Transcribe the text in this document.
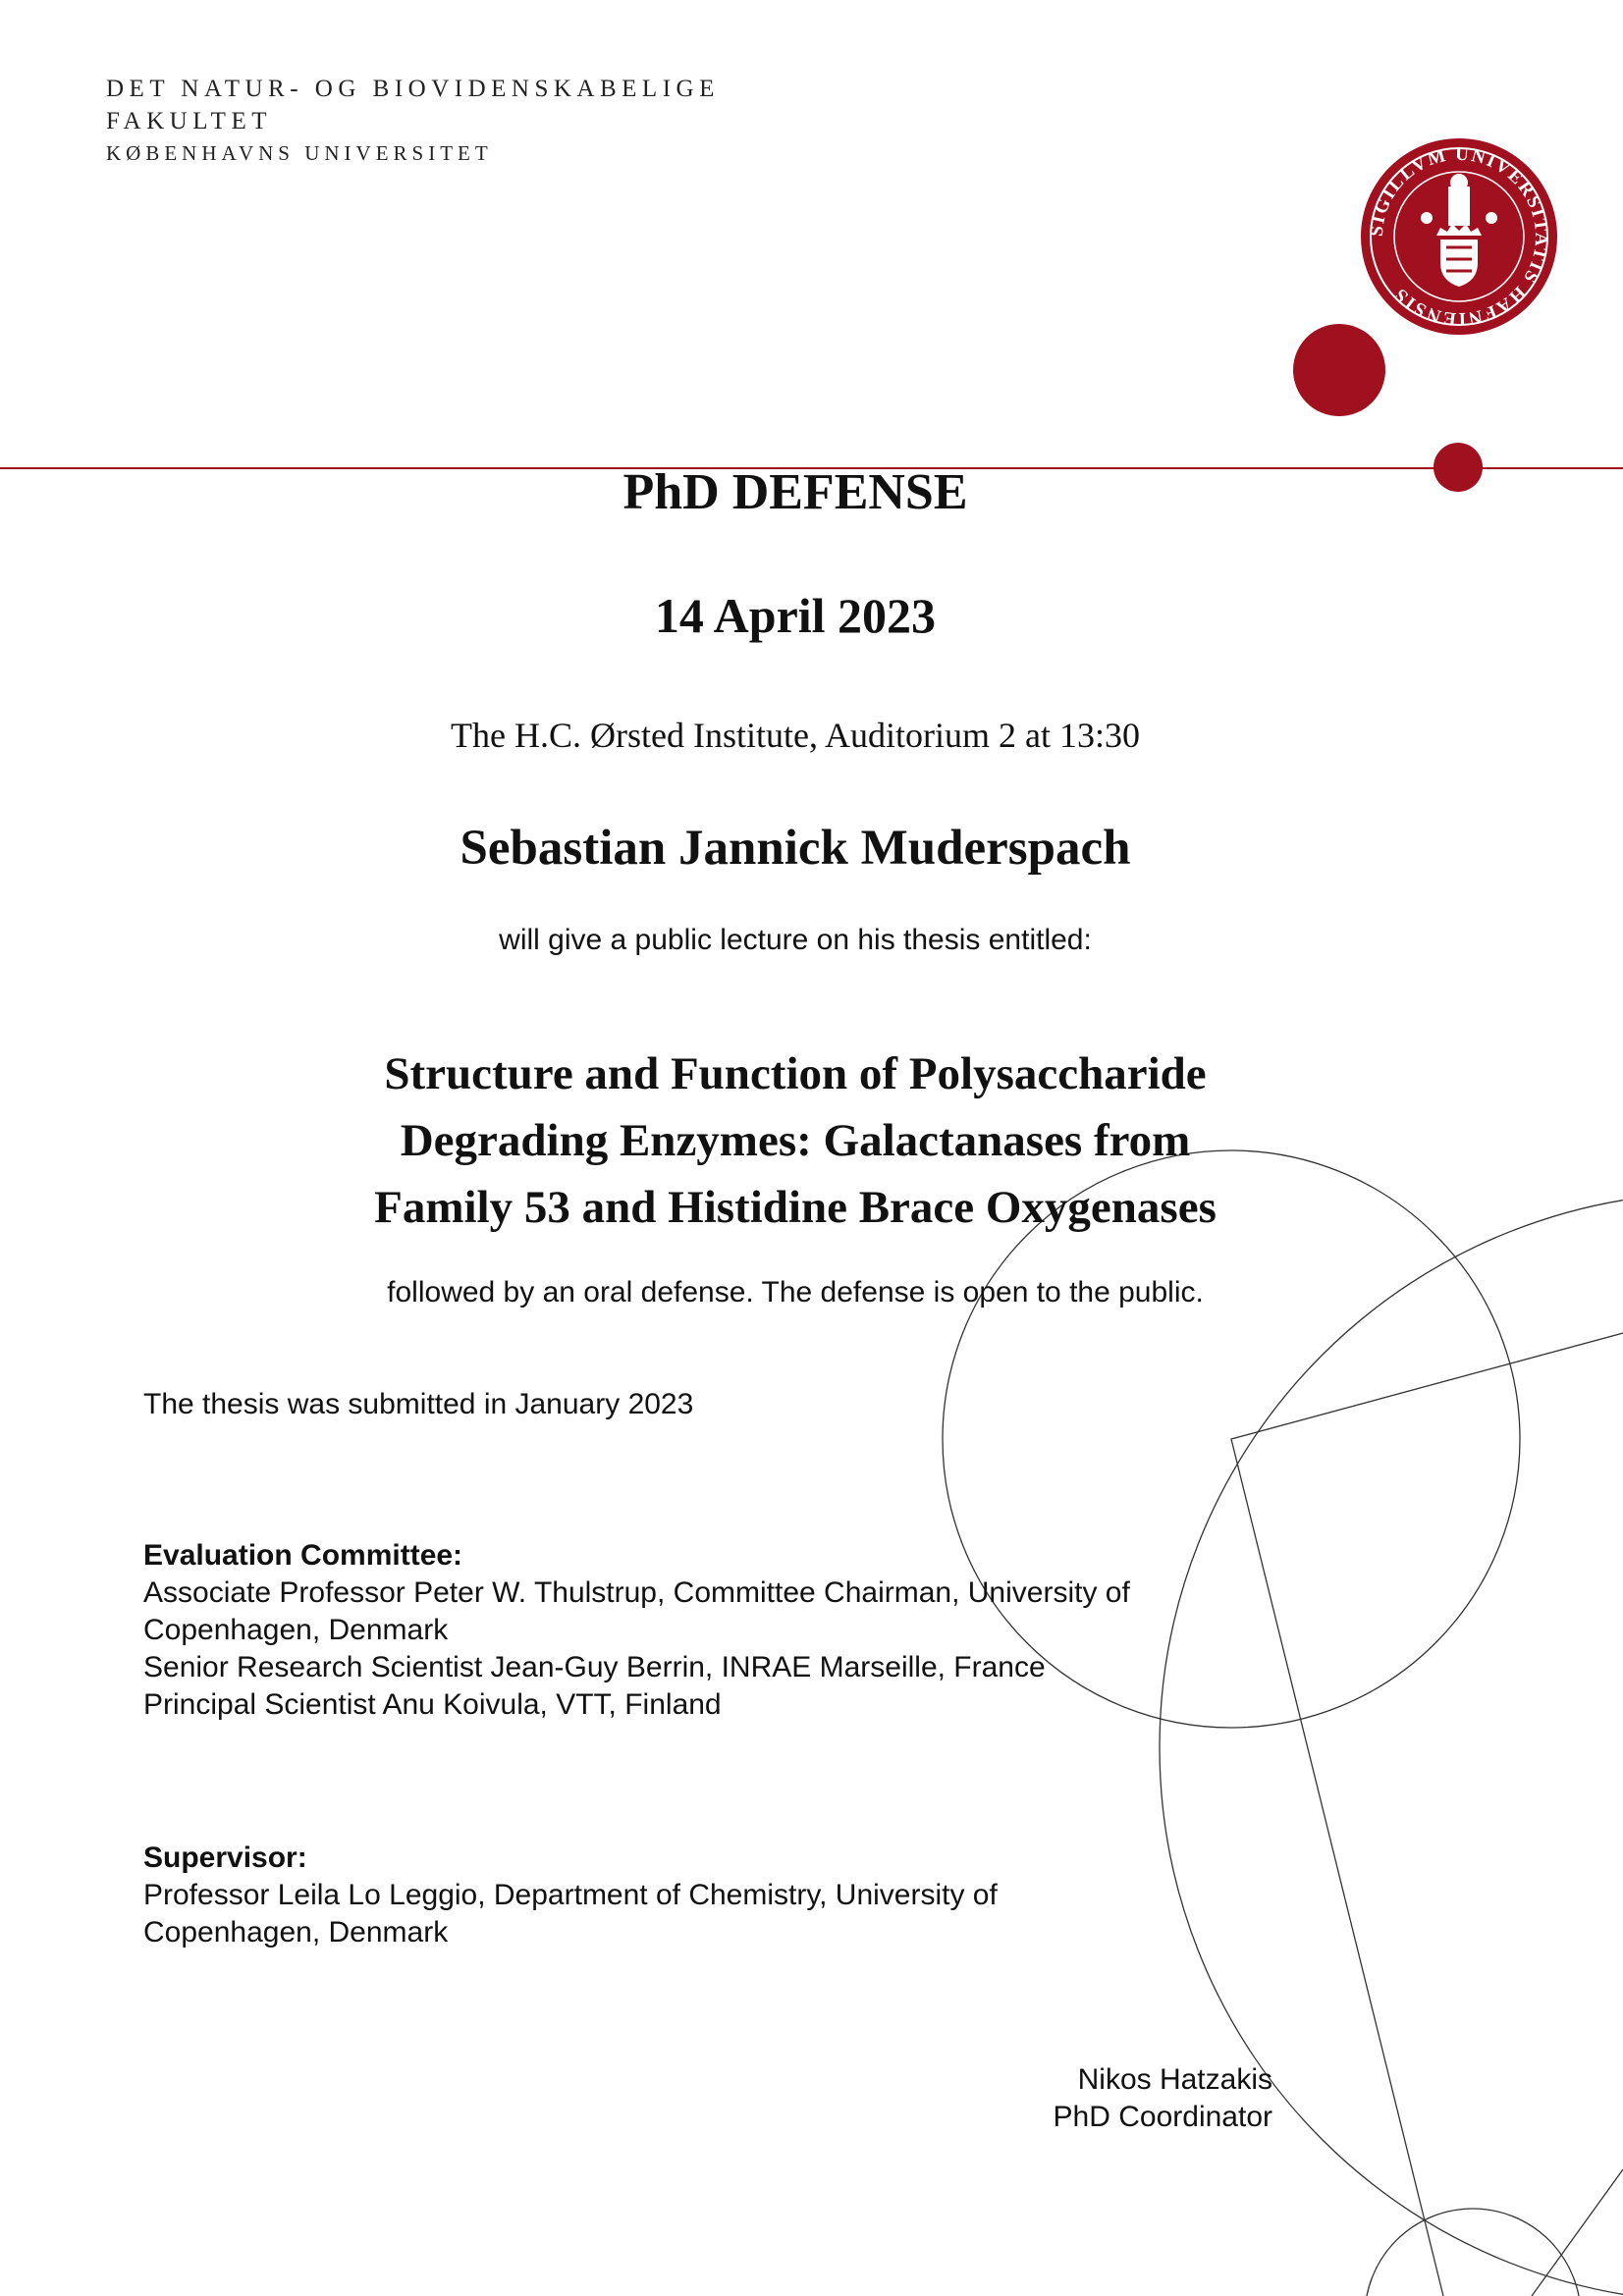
DET NATUR- OG BIOVIDENSKABELIGE
FAKULTET
KØBENHAVNS UNIVERSITET
SIGILLVM UNIVERSITATIS HAFNIENSIS
PhD DEFENSE
14 April 2023
The H.C. Ørsted Institute, Auditorium 2 at 13:30
Sebastian Jannick Muderspach
will give a public lecture on his thesis entitled:
Structure and Function of Polysaccharide
Degrading Enzymes: Galactanases from
Family 53 and Histidine Brace Oxygenases
followed by an oral defense. The defense is open to the public.
The thesis was submitted in January 2023
Evaluation Committee:
Associate Professor Peter W. Thulstrup, Committee Chairman, University of
Copenhagen, Denmark
Senior Research Scientist Jean-Guy Berrin, INRAE Marseille, France
Principal Scientist Anu Koivula, VTT, Finland
Supervisor:
Professor Leila Lo Leggio, Department of Chemistry, University of
Copenhagen, Denmark
Nikos Hatzakis
PhD Coordinator
